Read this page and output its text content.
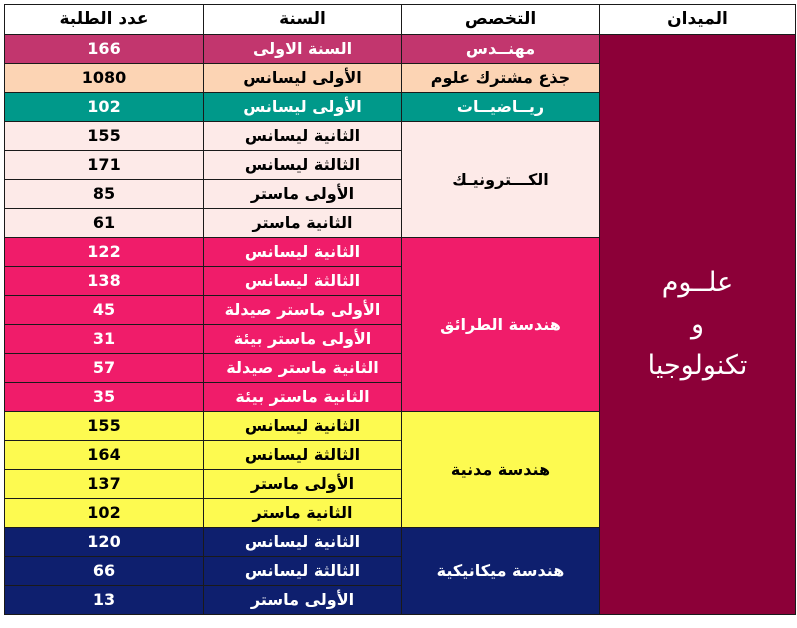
الميدان	التخصص	السنة	عدد الطلبة

علــوم
و
تكنولوجيا	مهنــدس	السنة الاولى	166
	جذع مشترك علوم	الأولى ليسانس	1080
	ريــاضيــات	الأولى ليسانس	102
	الكـــترونيـك	الثانية ليسانس	155
		الثالثة ليسانس	171
		الأولى ماستر	85
		الثانية ماستر	61
	هندسة الطرائق	الثانية ليسانس	122
		الثالثة ليسانس	138
		الأولى ماستر صيدلة	45
		الأولى ماستر بيئة	31
		الثانية ماستر صيدلة	57
		الثانية ماستر بيئة	35
	هندسة مدنية	الثانية ليسانس	155
		الثالثة ليسانس	164
		الأولى ماستر	137
		الثانية ماستر	102
	هندسة ميكانيكية	الثانية ليسانس	120
		الثالثة ليسانس	66
		الأولى ماستر	13
